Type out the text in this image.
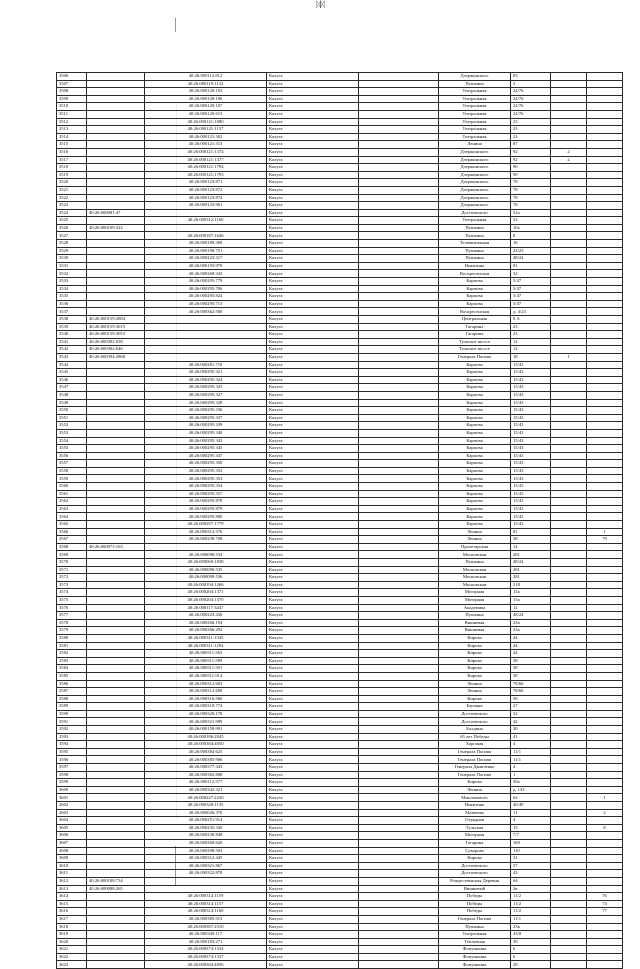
ᛞᛞ
3506		40:26:000113:812	Калуга		Дзержинского	83		
3507		40:26:000119:1132	Калуга		Пушкина	2		
3508		40:26:000120:103	Калуга		Театральная	24/76		
3509		40:26:000120:106	Калуга		Театральная	24/76		
3510		40:26:000120:107	Калуга		Театральная	24/76		
3511		40:26:000120:613	Калуга		Театральная	24/76		
3512		40:26:000121:1080	Калуга		Театральная	23		
3513		40:26:000121:1137	Калуга		Театральная	23		
3514		40:26:000121:302	Калуга		Театральная	23		
3515		40:26:000121:313	Калуга		Ленина	87		
3516		40:26:000121:1374	Калуга		Дзержинского	92	2	
3517		40:26:000121:1377	Калуга		Дзержинского	92	2	
3518		40:26:000121:1794	Калуга		Дзержинского	90		
3519		40:26:000121:1793	Калуга		Дзержинского	90		
3520		40:26:000123:871	Калуга		Дзержинского	78		
3521		40:26:000123:872	Калуга		Дзержинского	78		
3522		40:26:000123:874	Калуга		Дзержинского	78		
3523		40:26:000123:961	Калуга		Дзержинского	78		
3524	40:26:000081:47		Калуга		Достоевского	52а		
3525		40:26:000312:1160	Калуга		Театральная	32		
3526	40:26:000109:322		Калуга		Пушкина	10а		
3527		40:26:000187:1646	Калуга		Пушкина	8		
3528		40:26:000189:368	Калуга		Телевизионная	16		
3529		40:26:000190:751	Калуга		Пушкина	23/23		
3530		40:26:000223:317	Калуга		Пушкина	48/24		
3531		40:26:000193:979	Калуга		Никитина	81		
3532		40:26:000268:343	Калуга		Воскресенская	32		
3533		40:26:000295:779	Калуга		Карпова	5/47		
3534		40:26:000295:706	Калуга		Карпова	5/47		
3535		40:26:000295:824	Калуга		Карпова	5/47		
3536		40:26:000295:713	Калуга		Карпова	5/47		
3537		40:26:000362:500	Калуга		Воскресенская	д. 4/23		
3538	40:26:000159:2884		Калуга		Центральная	8 А		
3539	40:26:000159:3015		Калуга		Гагарина	23		
3540	40:26:000159:3053		Калуга		Гагарина	23		
3541	40:26:000302:658		Калуга		Тульское шоссе	12		
3542	40:26:000302:646		Калуга		Тульское шоссе	12		
3543	40:26:000394:2868		Калуга		Генерала Попова	18	1	
3544		40:26:000281:718	Калуга		Карпова	15/43		
3545		40:26:000295:321	Калуга		Карпова	15/43		
3546		40:26:000295:324	Калуга		Карпова	15/43		
3547		40:26:000295:325	Калуга		Карпова	15/43		
3548		40:26:000295:327	Калуга		Карпова	15/43		
3549		40:26:000295:328	Калуга		Карпова	15/43		
3550		40:26:000295:336	Калуга		Карпова	15/43		
3551		40:26:000295:337	Калуга		Карпова	15/43		
3552		40:26:000295:339	Калуга		Карпова	15/43		
3553		40:26:000295:340	Калуга		Карпова	15/43		
3554		40:26:000295:343	Калуга		Карпова	15/43		
3555		40:26:000295:345	Калуга		Карпова	15/43		
3556		40:26:000295:347	Калуга		Карпова	15/43		
3557		40:26:000295:350	Калуга		Карпова	15/43		
3558		40:26:000295:352	Калуга		Карпова	15/43		
3559		40:26:000295:353	Калуга		Карпова	15/43		
3560		40:26:000295:354	Калуга		Карпова	15/43		
3561		40:26:000295:357	Калуга		Карпова	15/43		
3562		40:26:000295:878	Калуга		Карпова	15/43		
3563		40:26:000295:879	Калуга		Карпова	15/43		
3564		40:26:000295:880	Калуга		Карпова	15/43		
3565		40:26:000297:1779	Калуга		Карпова	15/43		
3566		40:26:000312:576	Калуга		Ленина	81		1
3567		40:26:000238:708	Калуга		Ленина	38		79
3568	40:26:000073:163		Калуга		Пролетарская	14		
3569		40:26:000090:534	Калуга		Московская	281		
3570		40:26:000060:1838	Калуга		Пушкина	48/24		
3571		40:26:000090:535	Калуга		Московская	281		
3572		40:26:000090:536	Калуга		Московская	281		
3573		40:26:000194:1266	Калуга		Московская	218		
3574		40:26:000204:1371	Калуга		Моторная	15а		
3575		40:26:000204:1370	Калуга		Моторная	15а		
3576		40:26:000117:3447	Калуга		Академика	12		
3577		40:26:000223:436	Калуга		Пушкина	48/24		
3578		40:26:000266:194	Калуга		Вишневая	23а		
3579		40:26:000266:292	Калуга		Вишневая	23а		
3580		40:26:000311:1345	Калуга		Кирова	44		
3581		40:26:000311:1294	Калуга		Кирова	44		
3582		40:26:000311:563	Калуга		Кирова	44		
3583		40:26:000311:589	Калуга		Кирова	38		
3584		40:26:000311:591	Калуга		Кирова	38		
3585		40:26:000311:914	Калуга		Кирова	38		
3586		40:26:000312:603	Калуга		Ленина	78/66		
3587		40:26:000312:608	Калуга		Ленина	78/66		
3588		40:26:000316:566	Калуга		Кирова	56		
3589		40:26:000318:774	Калуга		Баумана	27		
3590		40:26:000320:178	Калуга		Достоевского	32		
3591		40:26:000321:999	Калуга		Достоевского	42		
3592		40:26:000158:991	Калуга		Болдина	30		
3593		40:26:000186:2845	Калуга		65 лет Победы	41		
3594		40:26:000384:4050	Калуга		Хорошая	4		
3595		40:26:000384:625	Калуга		Генерала Попова	11/1		
3596		40:26:000385:906	Калуга		Генерала Попова	11/1		
3597		40:26:000377:343	Калуга		Генерала Даниленко	4		
3598		40:26:000382:808	Калуга		Генерала Попова	1		
3599		40:26:000112:377	Калуга		Кирова	50а		
3600		40:26:000342:321	Калуга		Ленина	д. 133		
3601		40:26:000227:2230	Калуга		Максимового	62		1
3602		40:26:000328:1135	Калуга		Никитина	40/49		
3603		40:26:000026:370	Калуга		Матвеева	11		2
3604		40:26:000251:914	Калуга		Отрадная	4		
3605		40:26:000235:330	Калуга		Тульская	15		8
3606		40:26:000230:848	Калуга		Моторная	7/7		
3607		40:26:000260:620	Калуга		Гагарина	160		
3608		40:26:000298:503	Калуга		Суворова	110		
3609		40:26:000312:445	Калуга		Кирова	31		
3610		40:26:000321:867	Калуга		Достоевского	57		
3611		40:26:000322:878	Калуга		Достоевского	43		
3612	40:26:000188:734		Калуга		Рождественская Деревня	64		
3613	40:26:000088:265		Калуга		Вишневый	2в		
3614		40:26:000314:1159	Калуга		Победы	11/2		76
3615		40:26:000314:1157	Калуга		Победы	11/2		74
3616		40:26:000314:1160	Калуга		Победы	11/2		77
3617		40:26:000385:913	Калуга		Генерала Попова	11/1		
3618		40:26:000387:2310	Калуга		Пушкина	23в		
3619		40:26:000349:117	Калуга		Театральная	43/8		
3620		40:26:000183:271	Калуга		Тепличная	39		
3621		40:26:000374:1334	Калуга		Фомушкина	6		
3622		40:26:000374:1337	Калуга		Фомушкина	6		
3623		40:26:000384:4856	Калуга		Фомушкина	29		
